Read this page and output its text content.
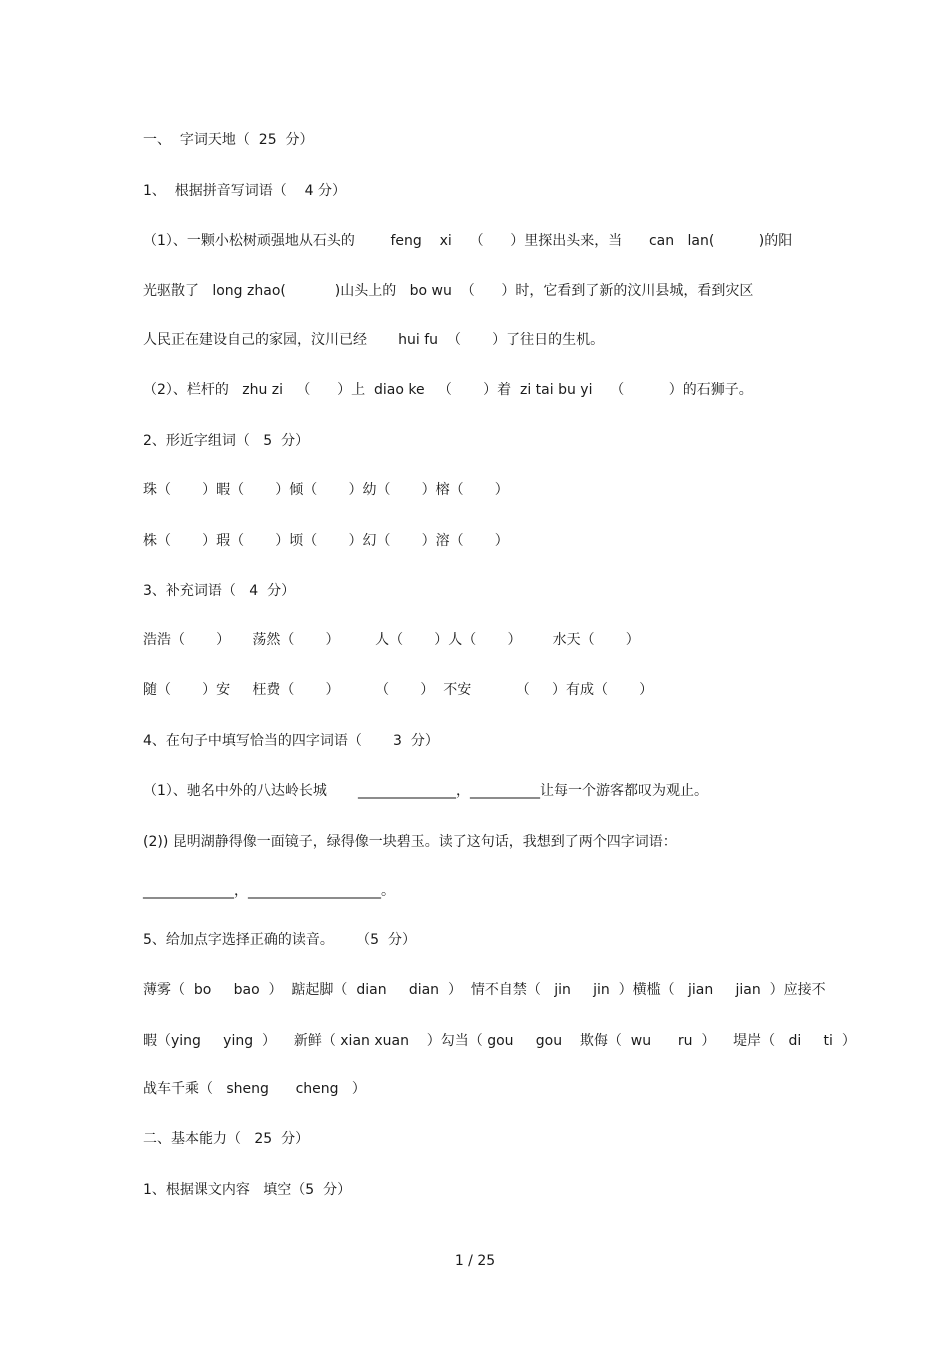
一、  字词天地（  25  分）
1、  根据拼音写词语（    4 分）
（1）、一颗小松树顽强地从石头的        feng    xi    （      ）里探出头来，当      can   lan(          )的阳
光驱散了   long zhao(           )山头上的   bo wu  （      ）时，它看到了新的汶川县城，看到灾区
人民正在建设自己的家园，汶川已经       hui fu  （       ）了往日的生机。
（2）、栏杆的   zhu zi   （      ）上  diao ke   （       ）着  zi tai bu yi    （          ）的石狮子。
2、形近字组词（   5  分）
珠（       ）暇（       ）倾（       ）幼（       ）榕（       ）
株（       ）瑕（       ）顷（       ）幻（       ）溶（       ）
3、补充词语（   4  分）
浩浩（       ）     荡然（       ）        人（       ）人（       ）       水天（       ）
随（       ）安     枉费（       ）        （       ）  不安          （     ）有成（       ）
4、在句子中填写恰当的四字词语（       3  分）
（1）、驰名中外的八达岭长城       ______________，__________让每一个游客都叹为观止。
(2)) 昆明湖静得像一面镜子，绿得像一块碧玉。读了这句话，我想到了两个四字词语：
_____________，___________________。
5、给加点字选择正确的读音。     （5  分）
薄雾（  bo     bao  ）  踮起脚（  dian     dian  ）  情不自禁（   jin     jin  ）横槛（   jian     jian  ）应接不
暇（ying     ying  ）    新鲜（ xian xuan    ）勾当（ gou     gou    欺侮（  wu      ru  ）    堤岸（   di     ti  ）
战车千乘（   sheng      cheng   ）
二、基本能力（   25  分）
1、根据课文内容   填空（5  分）
1 / 25
